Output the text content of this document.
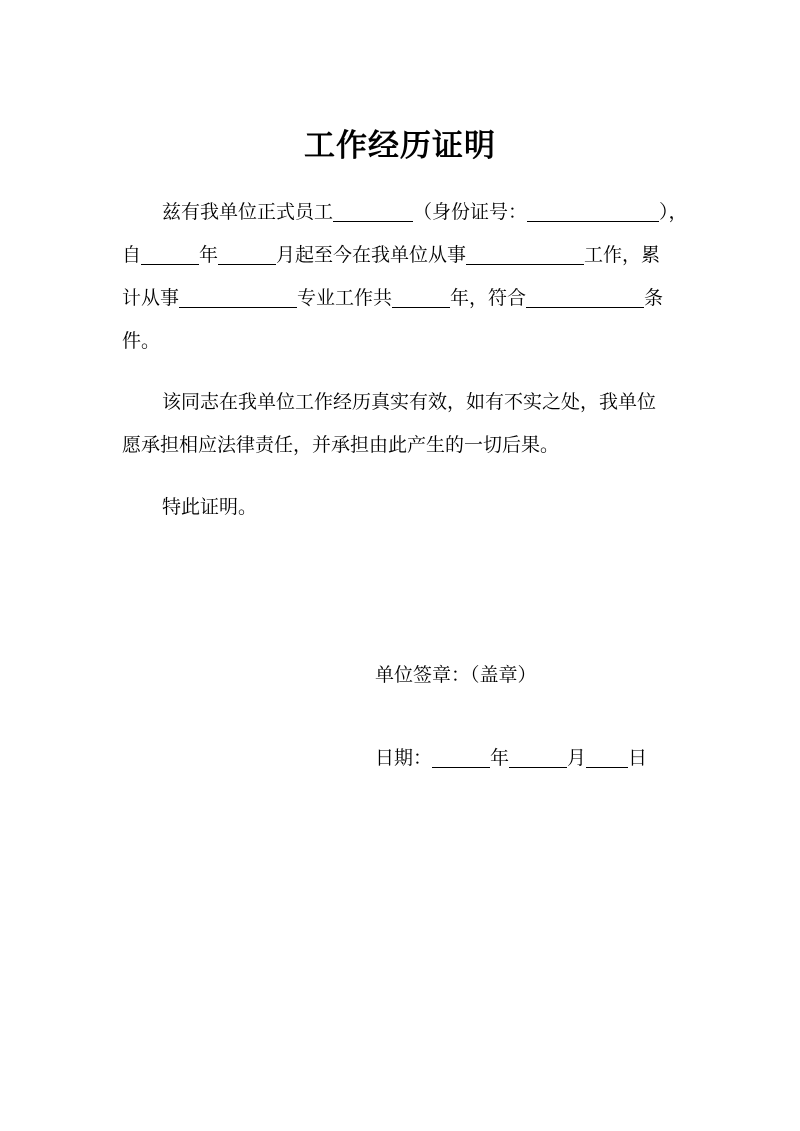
工作经历证明
兹有我单位正式员工	（身份证号：	），
自	年	月起至今在我单位从事	工作，累
计从事	专业工作共	年，符合	条
件。
该同志在我单位工作经历真实有效，如有不实之处，我单位
愿承担相应法律责任，并承担由此产生的一切后果。
特此证明。
单位签章：（盖章）
日期：	年	月 日
